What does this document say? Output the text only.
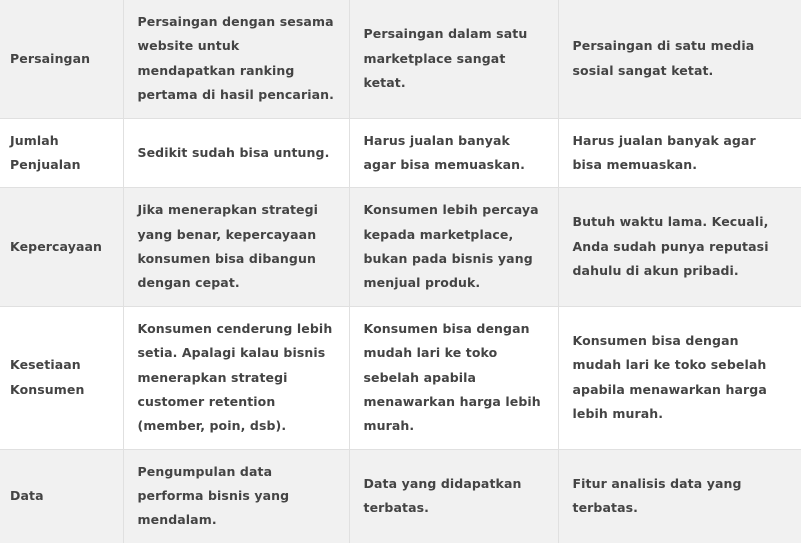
Persaingan	Persaingan dengan sesama website untuk mendapatkan ranking pertama di hasil pencarian.	Persaingan dalam satu marketplace sangat ketat.	Persaingan di satu media sosial sangat ketat.
Jumlah Penjualan	Sedikit sudah bisa untung.	Harus jualan banyak agar bisa memuaskan.	Harus jualan banyak agar bisa memuaskan.
Kepercayaan	Jika menerapkan strategi yang benar, kepercayaan konsumen bisa dibangun dengan cepat.	Konsumen lebih percaya kepada marketplace, bukan pada bisnis yang menjual produk.	Butuh waktu lama. Kecuali, Anda sudah punya reputasi dahulu di akun pribadi.
Kesetiaan Konsumen	Konsumen cenderung lebih setia. Apalagi kalau bisnis menerapkan strategi customer retention (member, poin, dsb).	Konsumen bisa dengan mudah lari ke toko sebelah apabila menawarkan harga lebih murah.	Konsumen bisa dengan mudah lari ke toko sebelah apabila menawarkan harga lebih murah.
Data	Pengumpulan data performa bisnis yang mendalam.	Data yang didapatkan terbatas.	Fitur analisis data yang terbatas.
